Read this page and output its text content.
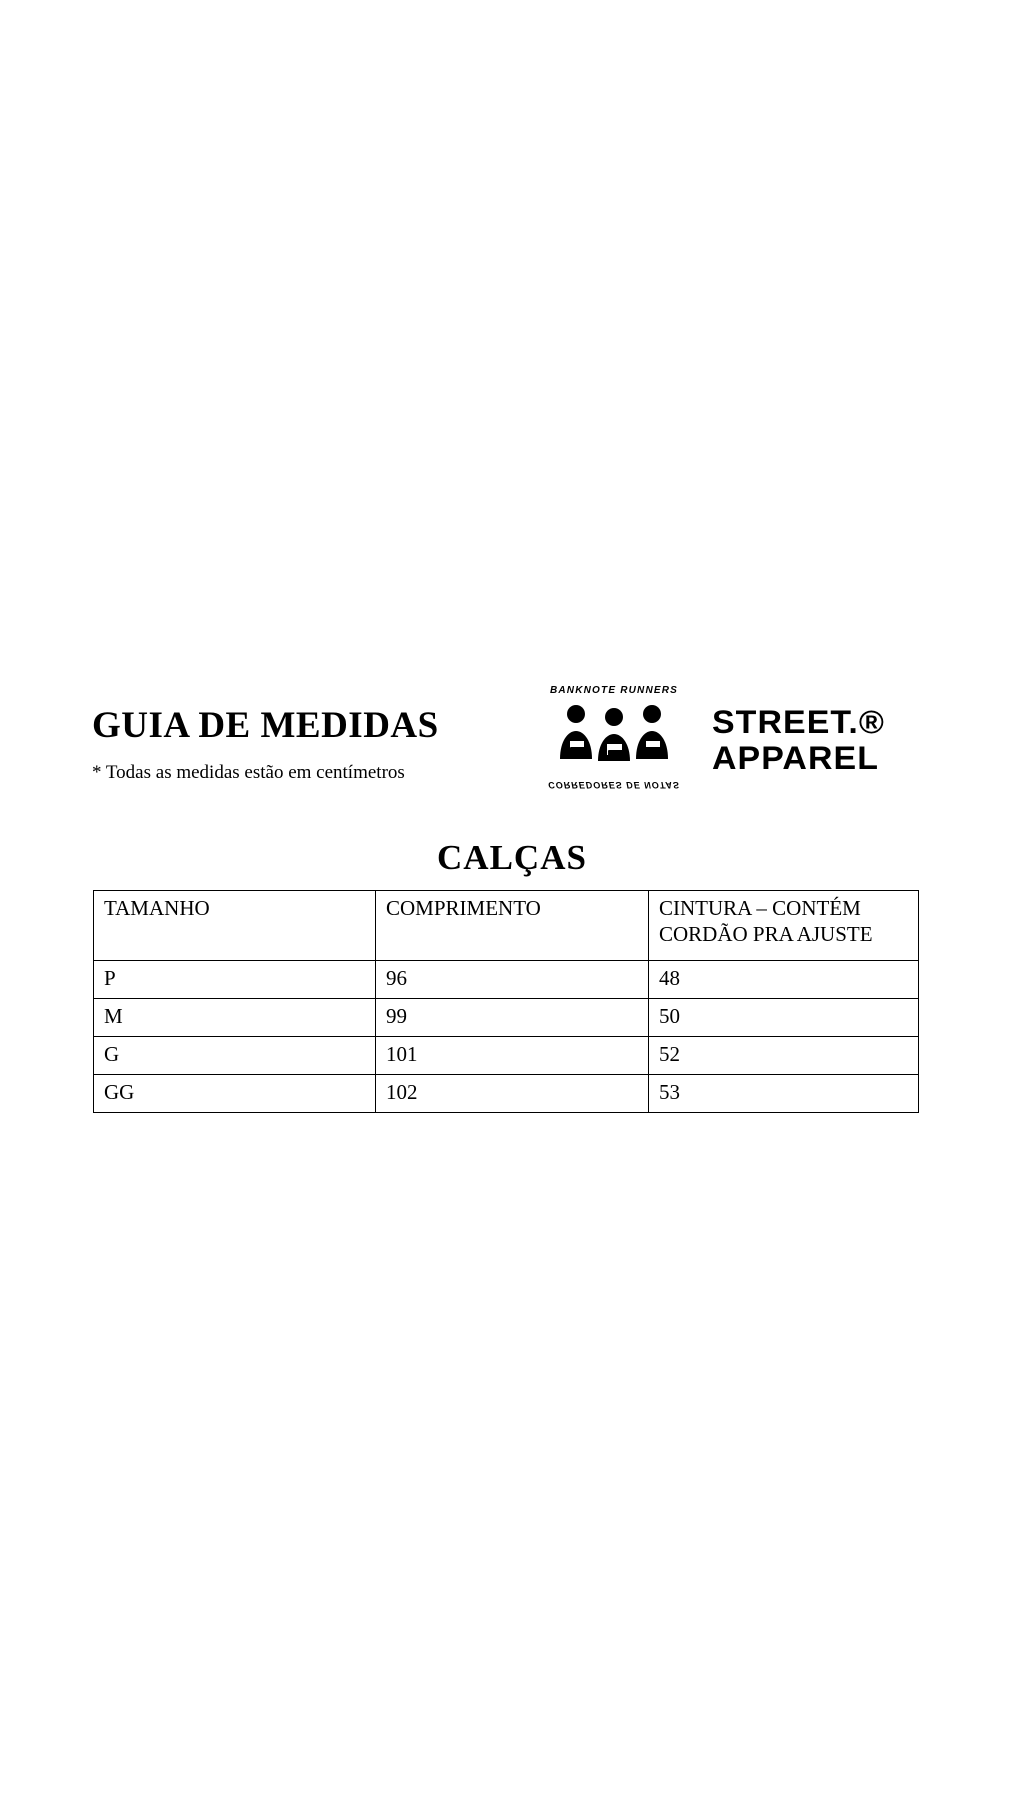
GUIA DE MEDIDAS
* Todas as medidas estão em centímetros
BANKNOTE RUNNERS
CORREDORES DE NOTAS
STREET.®
APPAREL
CALÇAS
TAMANHO	COMPRIMENTO	CINTURA – CONTÉM CORDÃO PRA AJUSTE
P	96	48
M	99	50
G	101	52
GG	102	53
